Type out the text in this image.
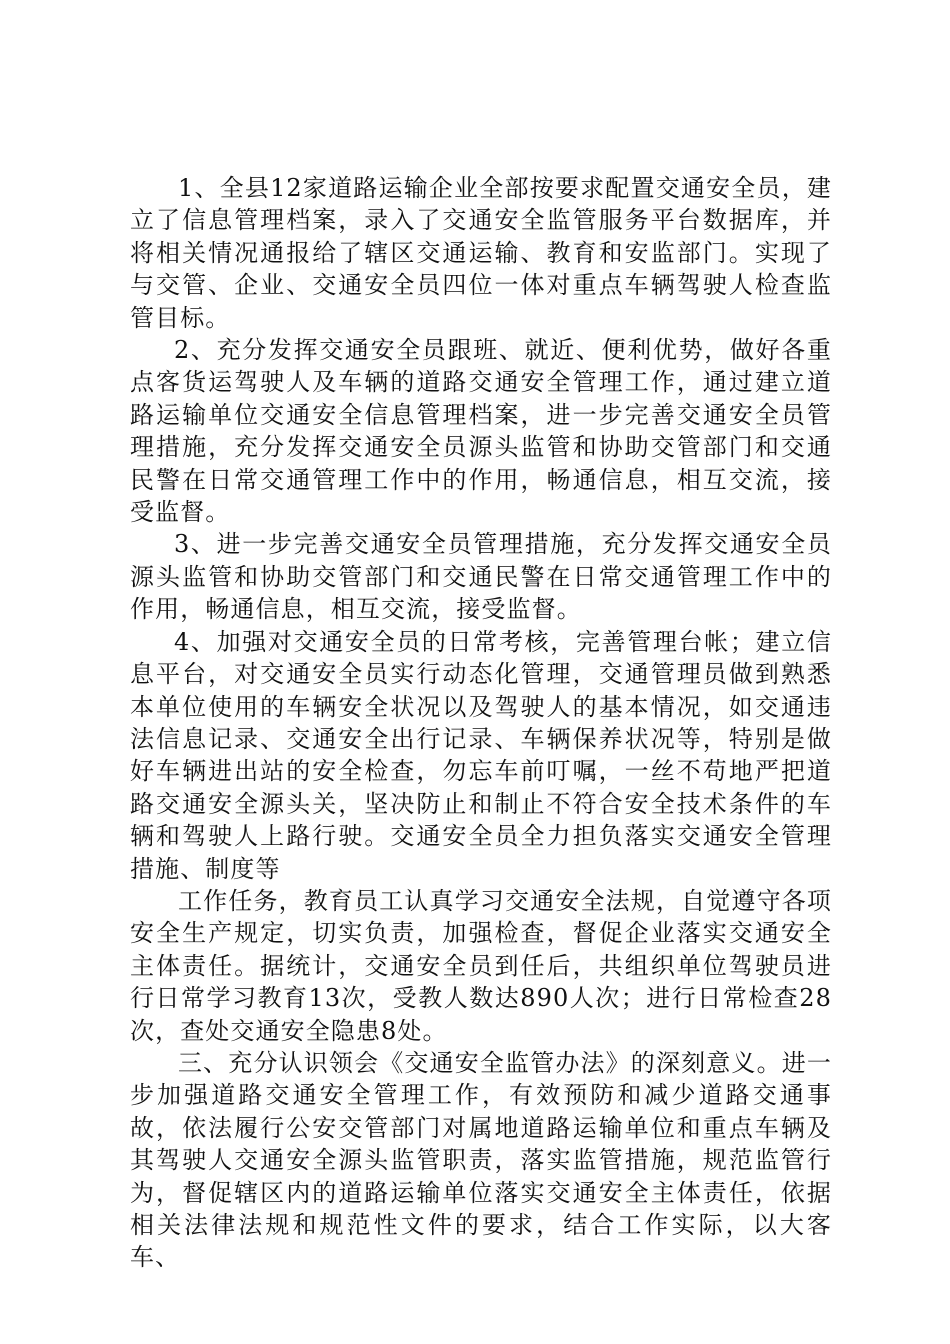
1、全县12家道路运输企业全部按要求配置交通安全员，建立了信息管理档案，录入了交通安全监管服务平台数据库，并将相关情况通报给了辖区交通运输、教育和安监部门。实现了与交管、企业、交通安全员四位一体对重点车辆驾驶人检查监管目标。

2、充分发挥交通安全员跟班、就近、便利优势，做好各重点客货运驾驶人及车辆的道路交通安全管理工作，通过建立道路运输单位交通安全信息管理档案，进一步完善交通安全员管理措施，充分发挥交通安全员源头监管和协助交管部门和交通民警在日常交通管理工作中的作用，畅通信息，相互交流，接受监督。

3、进一步完善交通安全员管理措施，充分发挥交通安全员源头监管和协助交管部门和交通民警在日常交通管理工作中的作用，畅通信息，相互交流，接受监督。

4、加强对交通安全员的日常考核，完善管理台帐；建立信息平台，对交通安全员实行动态化管理，交通管理员做到熟悉本单位使用的车辆安全状况以及驾驶人的基本情况，如交通违法信息记录、交通安全出行记录、车辆保养状况等，特别是做好车辆进出站的安全检查，勿忘车前叮嘱，一丝不苟地严把道路交通安全源头关，坚决防止和制止不符合安全技术条件的车辆和驾驶人上路行驶。交通安全员全力担负落实交通安全管理措施、制度等

工作任务，教育员工认真学习交通安全法规，自觉遵守各项安全生产规定，切实负责，加强检查，督促企业落实交通安全主体责任。据统计，交通安全员到任后，共组织单位驾驶员进行日常学习教育13次，受教人数达890人次；进行日常检查28次，查处交通安全隐患8处。

三、充分认识领会《交通安全监管办法》的深刻意义。进一步加强道路交通安全管理工作，有效预防和减少道路交通事故，依法履行公安交管部门对属地道路运输单位和重点车辆及其驾驶人交通安全源头监管职责，落实监管措施，规范监管行为，督促辖区内的道路运输单位落实交通安全主体责任，依据相关法律法规和规范性文件的要求，结合工作实际，以大客车、
